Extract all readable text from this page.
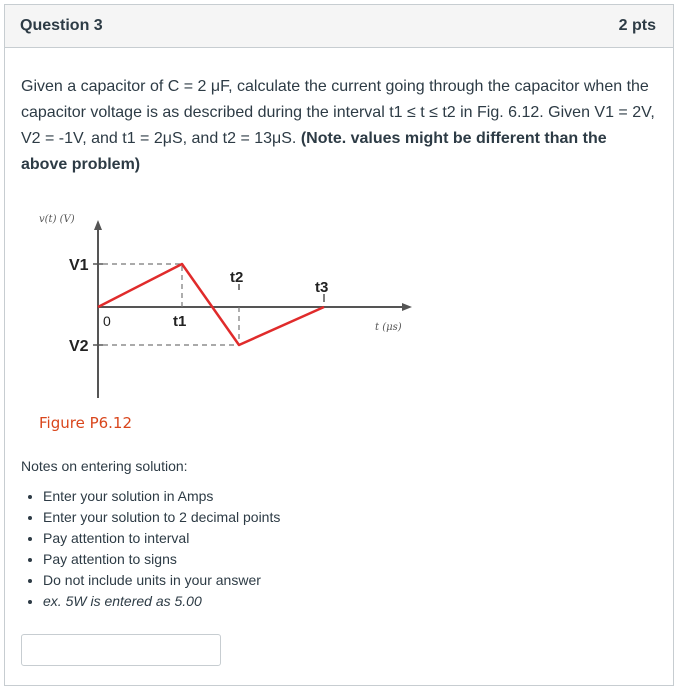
Question 3	2 pts

Given a capacitor of C = 2 μF, calculate the current going through the capacitor when the capacitor voltage is as described during the interval t1 ≤ t ≤ t2 in Fig. 6.12. Given V1 = 2V, V2 = -1V, and t1 = 2μS, and t2 = 13μS. (Note. values might be different than the above problem)

v(t) (V)
V1
V2
0	t1
t2
t3
t (μs)
Figure P6.12

Notes on entering solution:

• Enter your solution in Amps
• Enter your solution to 2 decimal points
• Pay attention to interval
• Pay attention to signs
• Do not include units in your answer
• ex. 5W is entered as 5.00
